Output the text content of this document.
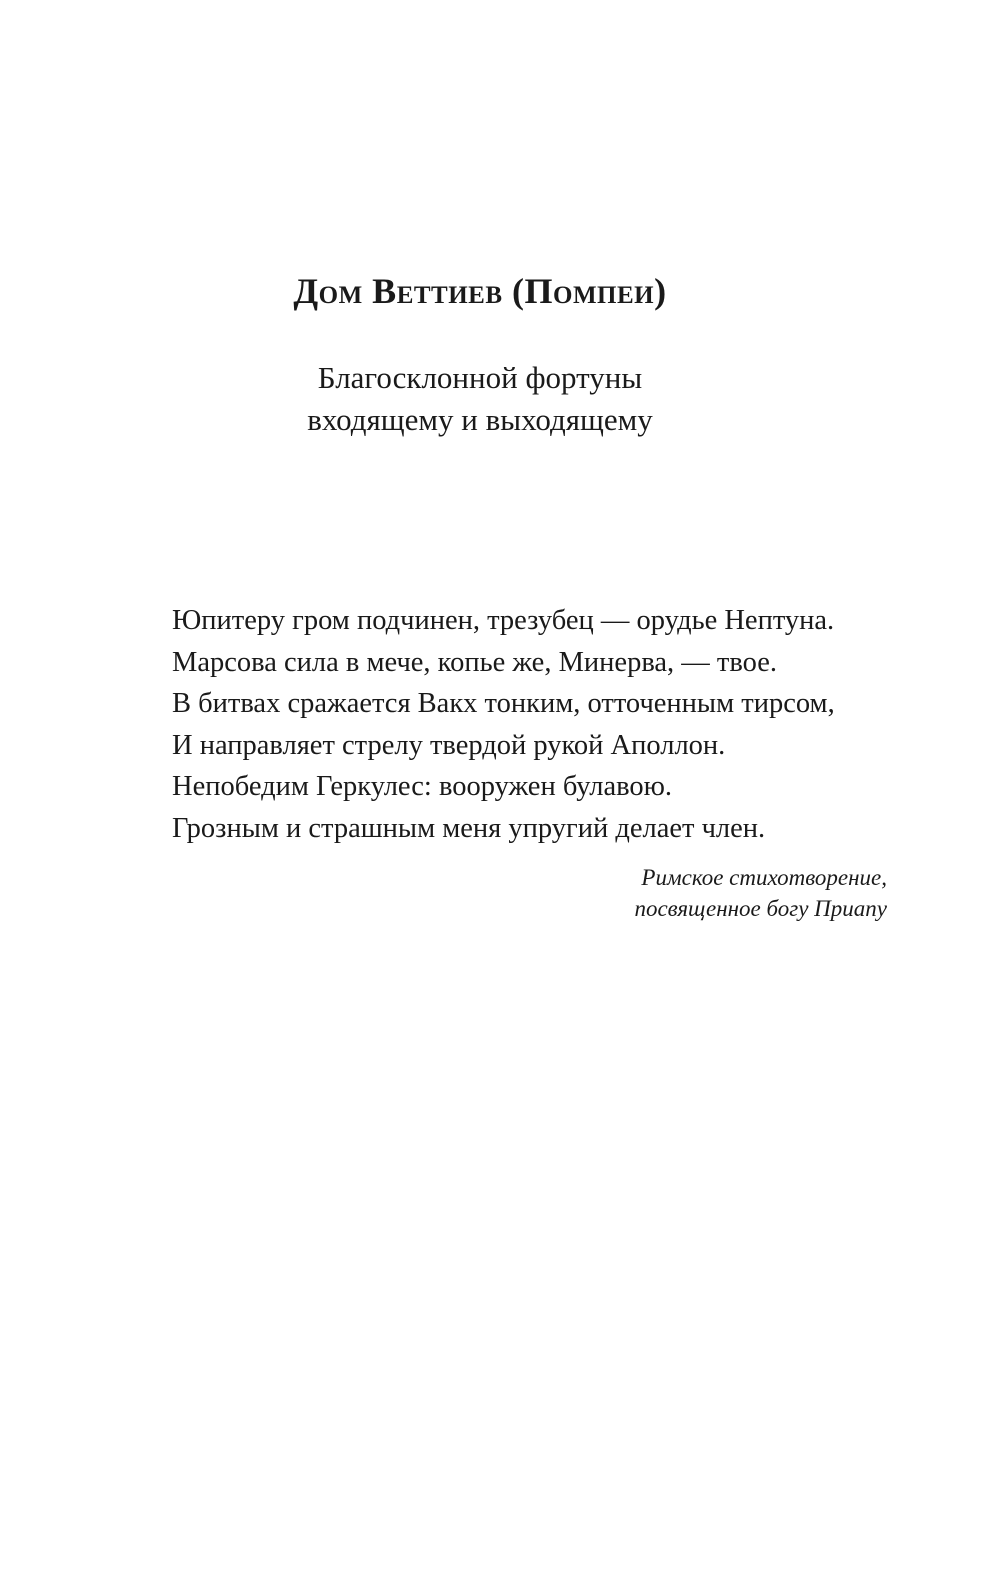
Дом Веттиев (Помпеи)

Благосклонной фортуны
входящему и выходящему

Юпитеру гром подчинен, трезубец — орудье Нептуна.
Марсова сила в мече, копье же, Минерва, — твое.
В битвах сражается Вакх тонким, отточенным тирсом,
И направляет стрелу твердой рукой Аполлон.
Непобедим Геркулес: вооружен булавою.
Грозным и страшным меня упругий делает член.

Римское стихотворение,
посвященное богу Приапу
